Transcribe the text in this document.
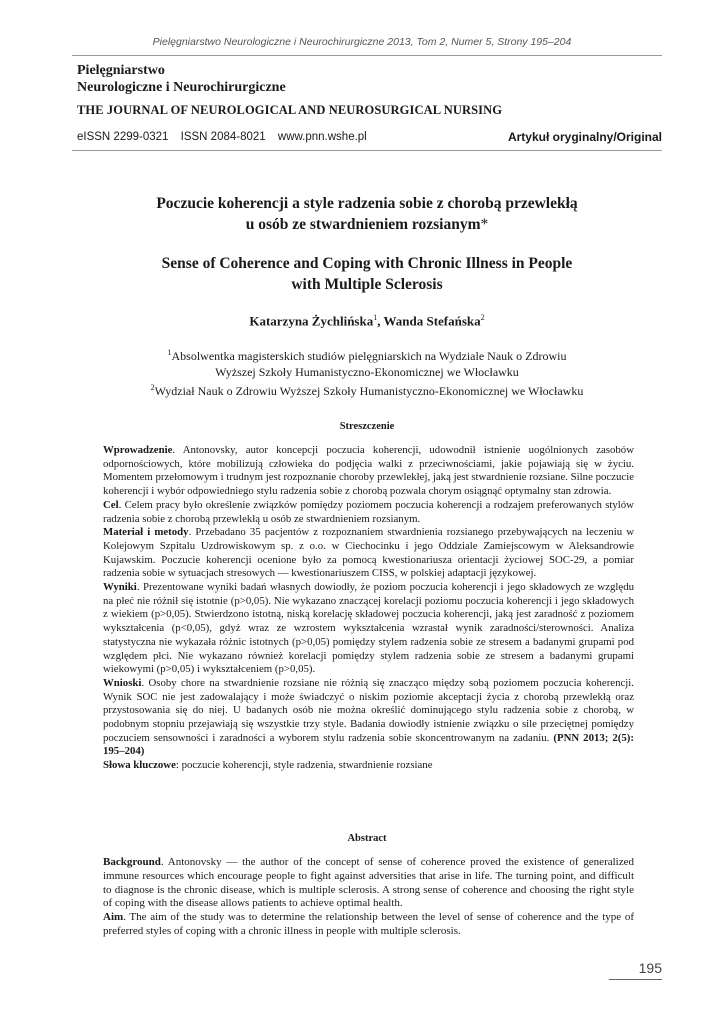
Pielęgniarstwo Neurologiczne i Neurochirurgiczne 2013, Tom 2, Numer 5, Strony 195–204
Pielęgniarstwo
Neurologiczne i Neurochirurgiczne
THE JOURNAL OF NEUROLOGICAL AND NEUROSURGICAL NURSING
eISSN 2299-0321 ISSN 2084-8021 www.pnn.wshe.pl	Artykuł oryginalny/Original
Poczucie koherencji a style radzenia sobie z chorobą przewlekłą
u osób ze stwardnieniem rozsianym*
Sense of Coherence and Coping with Chronic Illness in People
with Multiple Sclerosis
Katarzyna Żychlińska$^1$, Wanda Stefańska$^2$
$^1$Absolwentka magisterskich studiów pielęgniarskich na Wydziale Nauk o Zdrowiu
Wyższej Szkoły Humanistyczno-Ekonomicznej we Włocławku
$^2$Wydział Nauk o Zdrowiu Wyższej Szkoły Humanistyczno-Ekonomicznej we Włocławku
Streszczenie

Wprowadzenie. Antonovsky, autor koncepcji poczucia koherencji, udowodnił istnienie uogólnionych zasobów odpornościowych, które mobilizują człowieka do podjęcia walki z przeciwnościami, jakie pojawiają się w życiu. Momentem przełomowym i trudnym jest rozpoznanie choroby przewlekłej, jaką jest stwardnienie rozsiane. Silne poczucie koherencji i wybór odpowiedniego stylu radzenia sobie z chorobą pozwala chorym osiągnąć optymalny stan zdrowia.

Cel. Celem pracy było określenie związków pomiędzy poziomem poczucia koherencji a rodzajem preferowanych stylów radzenia sobie z chorobą przewlekłą u osób ze stwardnieniem rozsianym.

Materiał i metody. Przebadano 35 pacjentów z rozpoznaniem stwardnienia rozsianego przebywających na leczeniu w Kolejowym Szpitalu Uzdrowiskowym sp. z o.o. w Ciechocinku i jego Oddziale Zamiejscowym w Aleksandrowie Kujawskim. Poczucie koherencji ocenione było za pomocą kwestionariusza orientacji życiowej SOC-29, a pomiar radzenia sobie w sytuacjach stresowych — kwestionariuszem CISS, w polskiej adaptacji językowej.

Wyniki. Prezentowane wyniki badań własnych dowiodły, że poziom poczucia koherencji i jego składowych ze względu na płeć nie różnił się istotnie (p>0,05). Nie wykazano znaczącej korelacji poziomu poczucia koherencji i jego składowych z wiekiem (p>0,05). Stwierdzono istotną, niską korelację składowej poczucia koherencji, jaką jest zaradność z poziomem wykształcenia (p<0,05), gdyż wraz ze wzrostem wykształcenia wzrastał wynik zaradności/sterowności. Analiza statystyczna nie wykazała różnic istotnych (p>0,05) pomiędzy stylem radzenia sobie ze stresem a badanymi grupami pod względem płci. Nie wykazano również korelacji pomiędzy stylem radzenia sobie ze stresem a badanymi grupami wiekowymi (p>0,05) i wykształceniem (p>0,05).

Wnioski. Osoby chore na stwardnienie rozsiane nie różnią się znacząco między sobą poziomem poczucia koherencji. Wynik SOC nie jest zadowalający i może świadczyć o niskim poziomie akceptacji życia z chorobą przewlekłą oraz przystosowania się do niej. U badanych osób nie można określić dominującego stylu radzenia sobie z chorobą, w podobnym stopniu przejawiają się wszystkie trzy style. Badania dowiodły istnienie związku o sile przeciętnej pomiędzy poczuciem sensowności i zaradności a wyborem stylu radzenia sobie skoncentrowanym na zadaniu. (PNN 2013; 2(5): 195–204)

Słowa kluczowe: poczucie koherencji, style radzenia, stwardnienie rozsiane

Abstract

Background. Antonovsky — the author of the concept of sense of coherence proved the existence of generalized immune resources which encourage people to fight against adversities that arise in life. The turning point, and difficult to diagnose is the chronic disease, which is multiple sclerosis. A strong sense of coherence and choosing the right style of coping with the disease allows patients to achieve optimal health.

Aim. The aim of the study was to determine the relationship between the level of sense of coherence and the type of preferred styles of coping with a chronic illness in people with multiple sclerosis.

195
